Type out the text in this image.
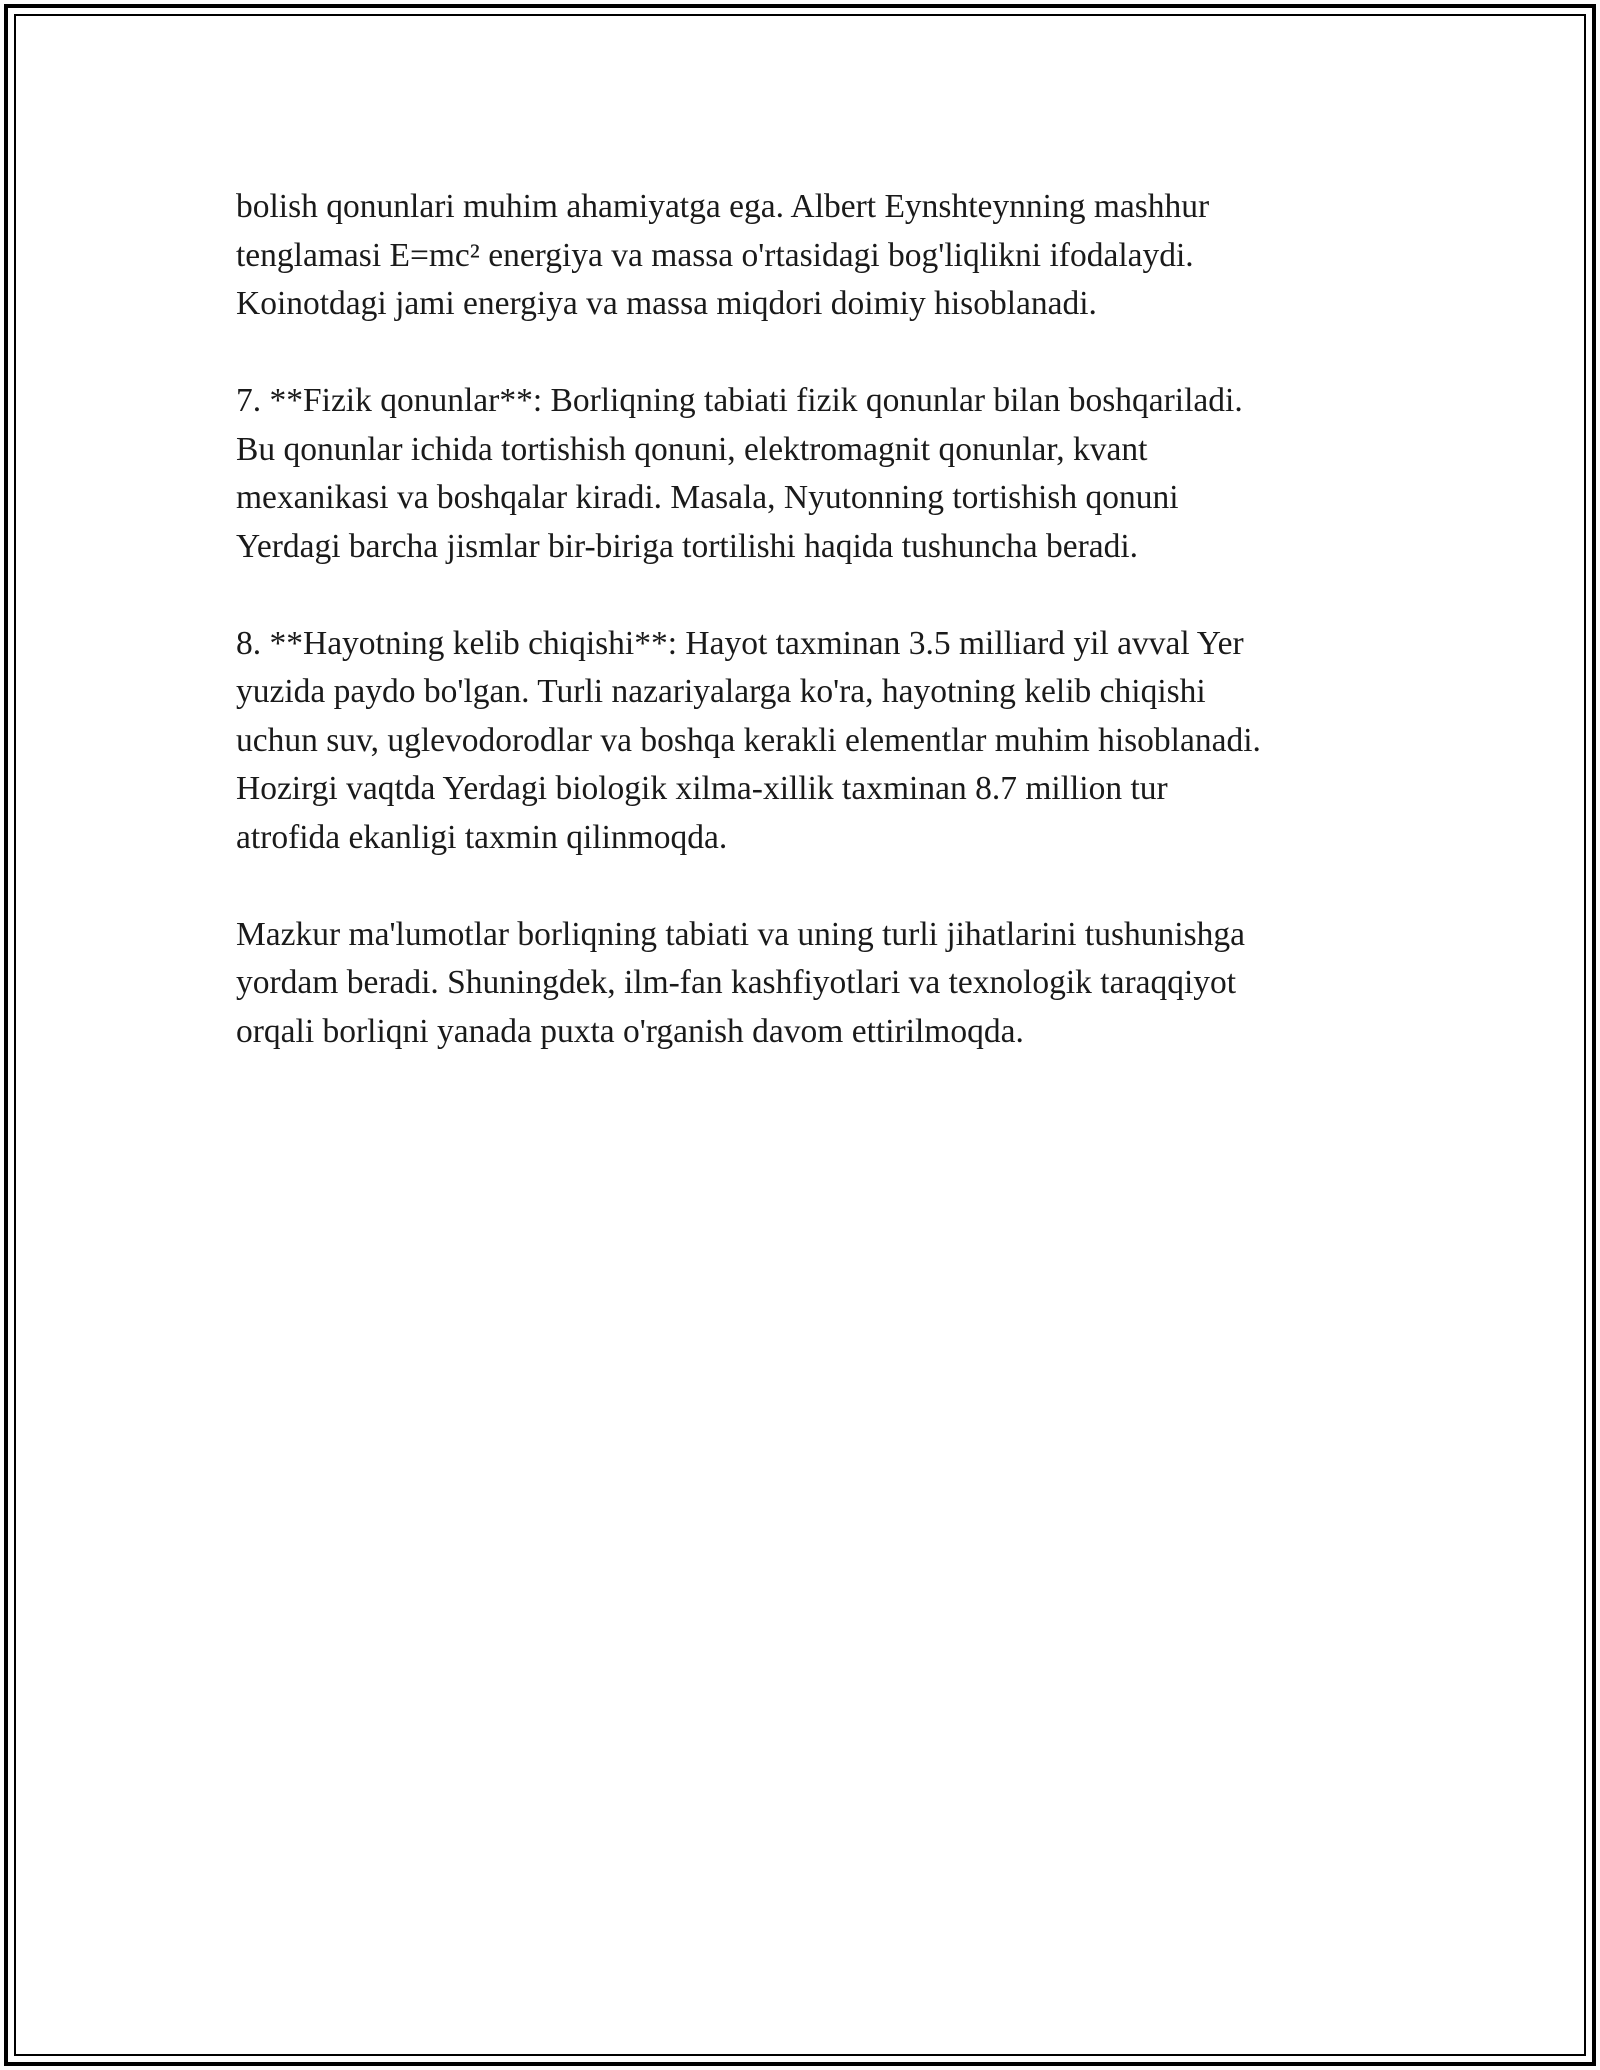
bolish qonunlari muhim ahamiyatga ega. Albert Eynshteynning mashhur
tenglamasi E=mc² energiya va massa o'rtasidagi bog'liqlikni ifodalaydi.
Koinotdagi jami energiya va massa miqdori doimiy hisoblanadi.

7. **Fizik qonunlar**: Borliqning tabiati fizik qonunlar bilan boshqariladi.
Bu qonunlar ichida tortishish qonuni, elektromagnit qonunlar, kvant
mexanikasi va boshqalar kiradi. Masala, Nyutonning tortishish qonuni
Yerdagi barcha jismlar bir-biriga tortilishi haqida tushuncha beradi.

8. **Hayotning kelib chiqishi**: Hayot taxminan 3.5 milliard yil avval Yer
yuzida paydo bo'lgan. Turli nazariyalarga ko'ra, hayotning kelib chiqishi
uchun suv, uglevodorodlar va boshqa kerakli elementlar muhim hisoblanadi.
Hozirgi vaqtda Yerdagi biologik xilma-xillik taxminan 8.7 million tur
atrofida ekanligi taxmin qilinmoqda.

Mazkur ma'lumotlar borliqning tabiati va uning turli jihatlarini tushunishga
yordam beradi. Shuningdek, ilm-fan kashfiyotlari va texnologik taraqqiyot
orqali borliqni yanada puxta o'rganish davom ettirilmoqda.
